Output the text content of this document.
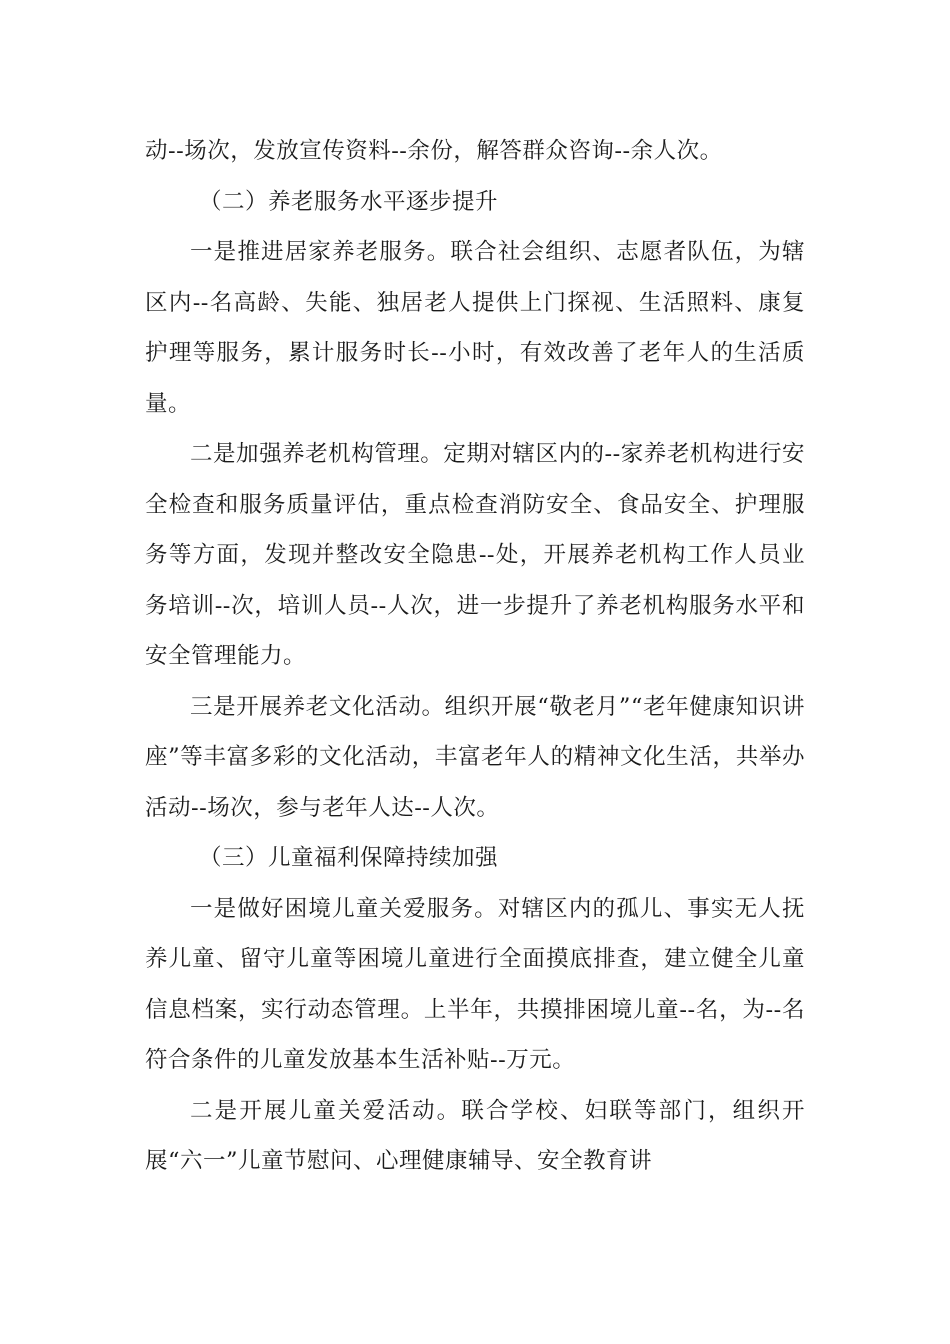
动--场次，发放宣传资料--余份，解答群众咨询--余人次。

（二）养老服务水平逐步提升

一是推进居家养老服务。联合社会组织、志愿者队伍，为辖区内--名高龄、失能、独居老人提供上门探视、生活照料、康复护理等服务，累计服务时长--小时，有效改善了老年人的生活质量。

二是加强养老机构管理。定期对辖区内的--家养老机构进行安全检查和服务质量评估，重点检查消防安全、食品安全、护理服务等方面，发现并整改安全隐患--处，开展养老机构工作人员业务培训--次，培训人员--人次，进一步提升了养老机构服务水平和安全管理能力。

三是开展养老文化活动。组织开展“敬老月”“老年健康知识讲座”等丰富多彩的文化活动，丰富老年人的精神文化生活，共举办活动--场次，参与老年人达--人次。

（三）儿童福利保障持续加强

一是做好困境儿童关爱服务。对辖区内的孤儿、事实无人抚养儿童、留守儿童等困境儿童进行全面摸底排查，建立健全儿童信息档案，实行动态管理。上半年，共摸排困境儿童--名，为--名符合条件的儿童发放基本生活补贴--万元。

二是开展儿童关爱活动。联合学校、妇联等部门，组织开展“六一”儿童节慰问、心理健康辅导、安全教育讲
